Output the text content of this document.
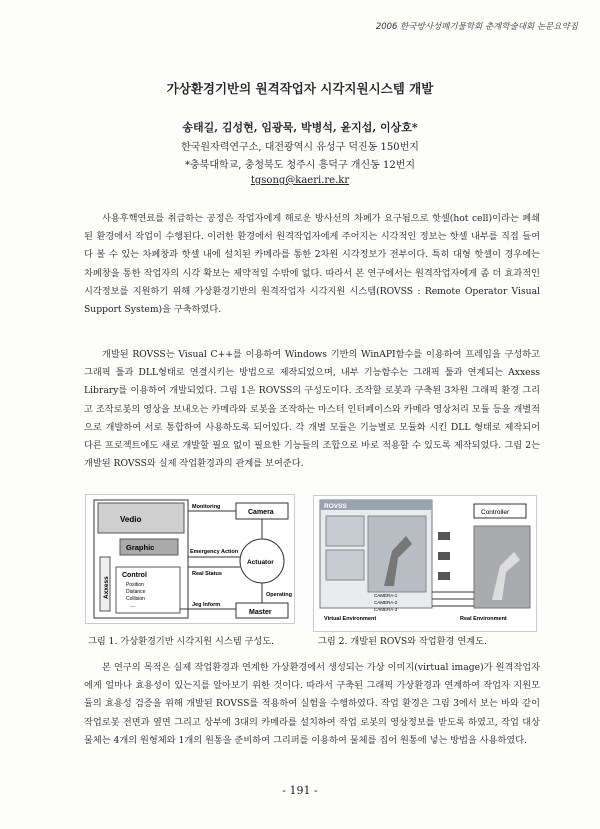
2006 한국방사성폐기물학회 춘계학술대회 논문요약집
가상환경기반의 원격작업자 시각지원시스템 개발
송태길, 김성현, 임광묵, 박병석, 윤지섭, 이상호*
한국원자력연구소, 대전광역시 유성구 덕진동 150번지
*충북대학교, 충청북도 청주시 흥덕구 개신동 12번지
tgsong@kaeri.re.kr

사용후핵연료를 취급하는 공정은 작업자에게 해로운 방사선의 차폐가 요구됨으로 핫셀(hot cell)이라는 폐쇄된 환경에서 작업이 수행된다. 이러한 환경에서 원격작업자에게 주어지는 시각적인 정보는 핫셀 내부를 직접 들여다 볼 수 있는 차폐창과 핫셀 내에 설치된 카메라를 통한 2차원 시각정보가 전부이다. 특히 대형 핫셀이 경우에는 차폐창을 통한 작업자의 시각 확보는 제약적일 수밖에 없다. 따라서 본 연구에서는 원격작업자에게 좀 더 효과적인 시각정보를 지원하기 위해 가상환경기반의 원격작업자 시각지원 시스템(ROVSS : Remote Operator Visual Support System)을 구축하였다.

개발된 ROVSS는 Visual C++를 이용하여 Windows 기반의 WinAPI함수를 이용하여 프레임을 구성하고 그래픽 툴과 DLL형태로 연결시키는 방법으로 제작되었으며, 내부 기능함수는 그래픽 툴과 연계되는 Axxess Library를 이용하여 개발되었다. 그림 1은 ROVSS의 구성도이다. 조작할 로봇과 구축된 3차원 그래픽 환경 그리고 조작로봇의 영상을 보내오는 카메라와 로봇을 조작하는 마스터 인터페이스와 카메라 영상처리 모듈 등을 개별적으로 개발하여 서로 통합하여 사용하도록 되어있다. 각 개별 모듈은 기능별로 모듈화 시킨 DLL 형태로 제작되어 다른 프로젝트에도 새로 개발할 필요 없이 필요한 기능들의 조합으로 바로 적용할 수 있도록 제작되었다. 그림 2는 개발된 ROVSS와 실제 작업환경과의 관계를 보여준다.

Vedio
Graphic
Axxess
Control
Position
Distance
Collision
…
Camera
Actuator
Master
Monitoring
Emergency Action
Real Status
Operating
Jeg Inform
ROVSS
Virtual Environment
Controller
CAMERA-1
CAMERA-2
CAMERA-3
Real Environment
그림 1. 가상환경기반 시각지원 시스템 구성도.	그림 2. 개발된 ROVS와 작업환경 연계도.

본 연구의 목적은 실제 작업환경과 연계한 가상환경에서 생성되는 가상 이미지(virtual image)가 원격작업자에게 얼마나 효용성이 있는지를 알아보기 위한 것이다. 따라서 구축된 그래픽 가상환경과 연계하여 작업자 지원모듈의 효용성 검증을 위해 개발된 ROVSS를 적용하여 실험을 수행하였다. 작업 환경은 그림 3에서 보는 바와 같이 작업로봇 전면과 옆면 그리고 상부에 3대의 카메라를 설치하여 작업 로봇의 영상정보를 받도록 하였고, 작업 대상 물체는 4개의 원형체와 1개의 원통을 준비하여 그리퍼를 이용하여 물체를 집어 원통에 넣는 방법을 사용하였다.

- 191 -
